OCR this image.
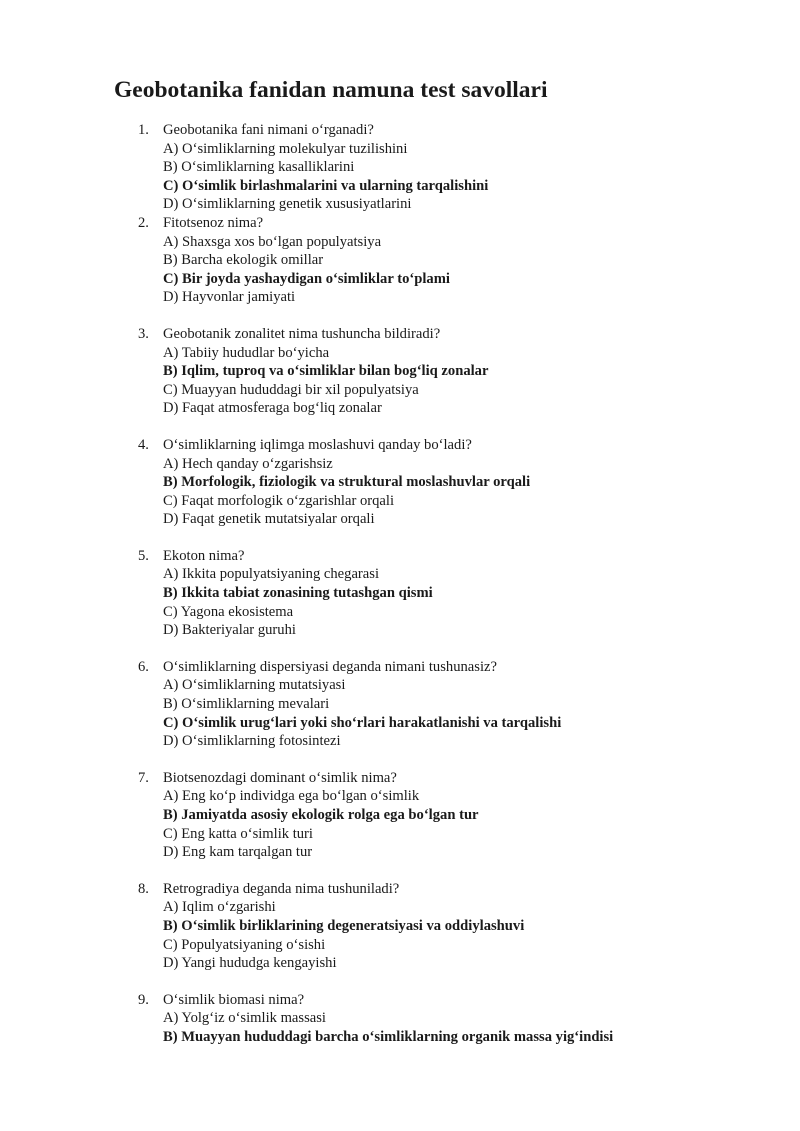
Geobotanika fanidan namuna test savollari
1. Geobotanika fani nimani o‘rganadi?
A) O‘simliklarning molekulyar tuzilishini
B) O‘simliklarning kasalliklarini
C) O‘simlik birlashmalarini va ularning tarqalishini
D) O‘simliklarning genetik xususiyatlarini
2. Fitotsenoz nima?
A) Shaxsga xos bo‘lgan populyatsiya
B) Barcha ekologik omillar
C) Bir joyda yashaydigan o‘simliklar to‘plami
D) Hayvonlar jamiyati
3. Geobotanik zonalitet nima tushuncha bildiradi?
A) Tabiiy hududlar bo‘yicha
B) Iqlim, tuproq va o‘simliklar bilan bog‘liq zonalar
C) Muayyan hududdagi bir xil populyatsiya
D) Faqat atmosferaga bog‘liq zonalar
4. O‘simliklarning iqlimga moslashuvi qanday bo‘ladi?
A) Hech qanday o‘zgarishsiz
B) Morfologik, fiziologik va struktural moslashuvlar orqali
C) Faqat morfologik o‘zgarishlar orqali
D) Faqat genetik mutatsiyalar orqali
5. Ekoton nima?
A) Ikkita populyatsiyaning chegarasi
B) Ikkita tabiat zonasining tutashgan qismi
C) Yagona ekosistema
D) Bakteriyalar guruhi
6. O‘simliklarning dispersiyasi deganda nimani tushunasiz?
A) O‘simliklarning mutatsiyasi
B) O‘simliklarning mevalari
C) O‘simlik urug‘lari yoki sho‘rlari harakatlanishi va tarqalishi
D) O‘simliklarning fotosintezi
7. Biotsenozdagi dominant o‘simlik nima?
A) Eng ko‘p individga ega bo‘lgan o‘simlik
B) Jamiyatda asosiy ekologik rolga ega bo‘lgan tur
C) Eng katta o‘simlik turi
D) Eng kam tarqalgan tur
8. Retrogradiya deganda nima tushuniladi?
A) Iqlim o‘zgarishi
B) O‘simlik birliklarining degeneratsiyasi va oddiylashuvi
C) Populyatsiyaning o‘sishi
D) Yangi hududga kengayishi
9. O‘simlik biomasi nima?
A) Yolg‘iz o‘simlik massasi
B) Muayyan hududdagi barcha o‘simliklarning organik massa yig‘indisi
